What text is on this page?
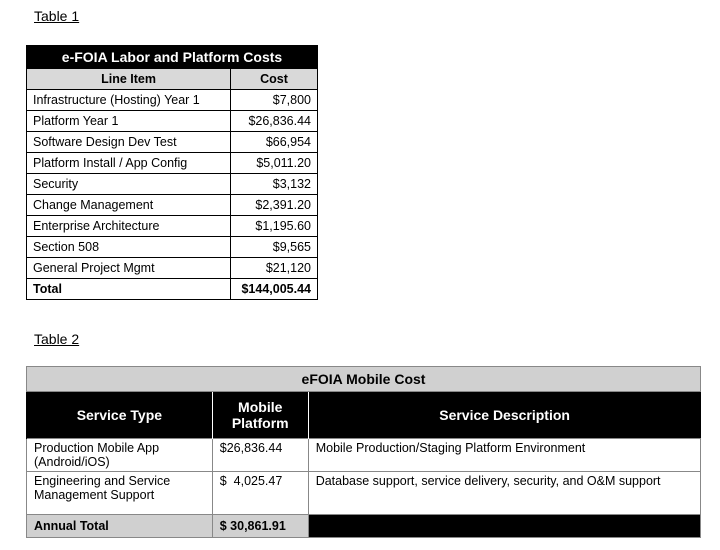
Table 1
e-FOIA Labor and Platform Costs	
Line Item	Cost
Infrastructure (Hosting) Year 1	$7,800
Platform Year 1	$26,836.44
Software Design Dev Test	$66,954
Platform Install / App Config	$5,011.20
Security	$3,132
Change Management	$2,391.20
Enterprise Architecture	$1,195.60
Section 508	$9,565
General Project Mgmt	$21,120
Total	$144,005.44
Table 2
eFOIA Mobile Cost		
Service Type	Mobile Platform	Service Description
Production Mobile App (Android/iOS)	$26,836.44	Mobile Production/Staging Platform Environment
Engineering and Service Management Support	$  4,025.47	Database support, service delivery, security, and O&M support
Annual Total	$ 30,861.91	
